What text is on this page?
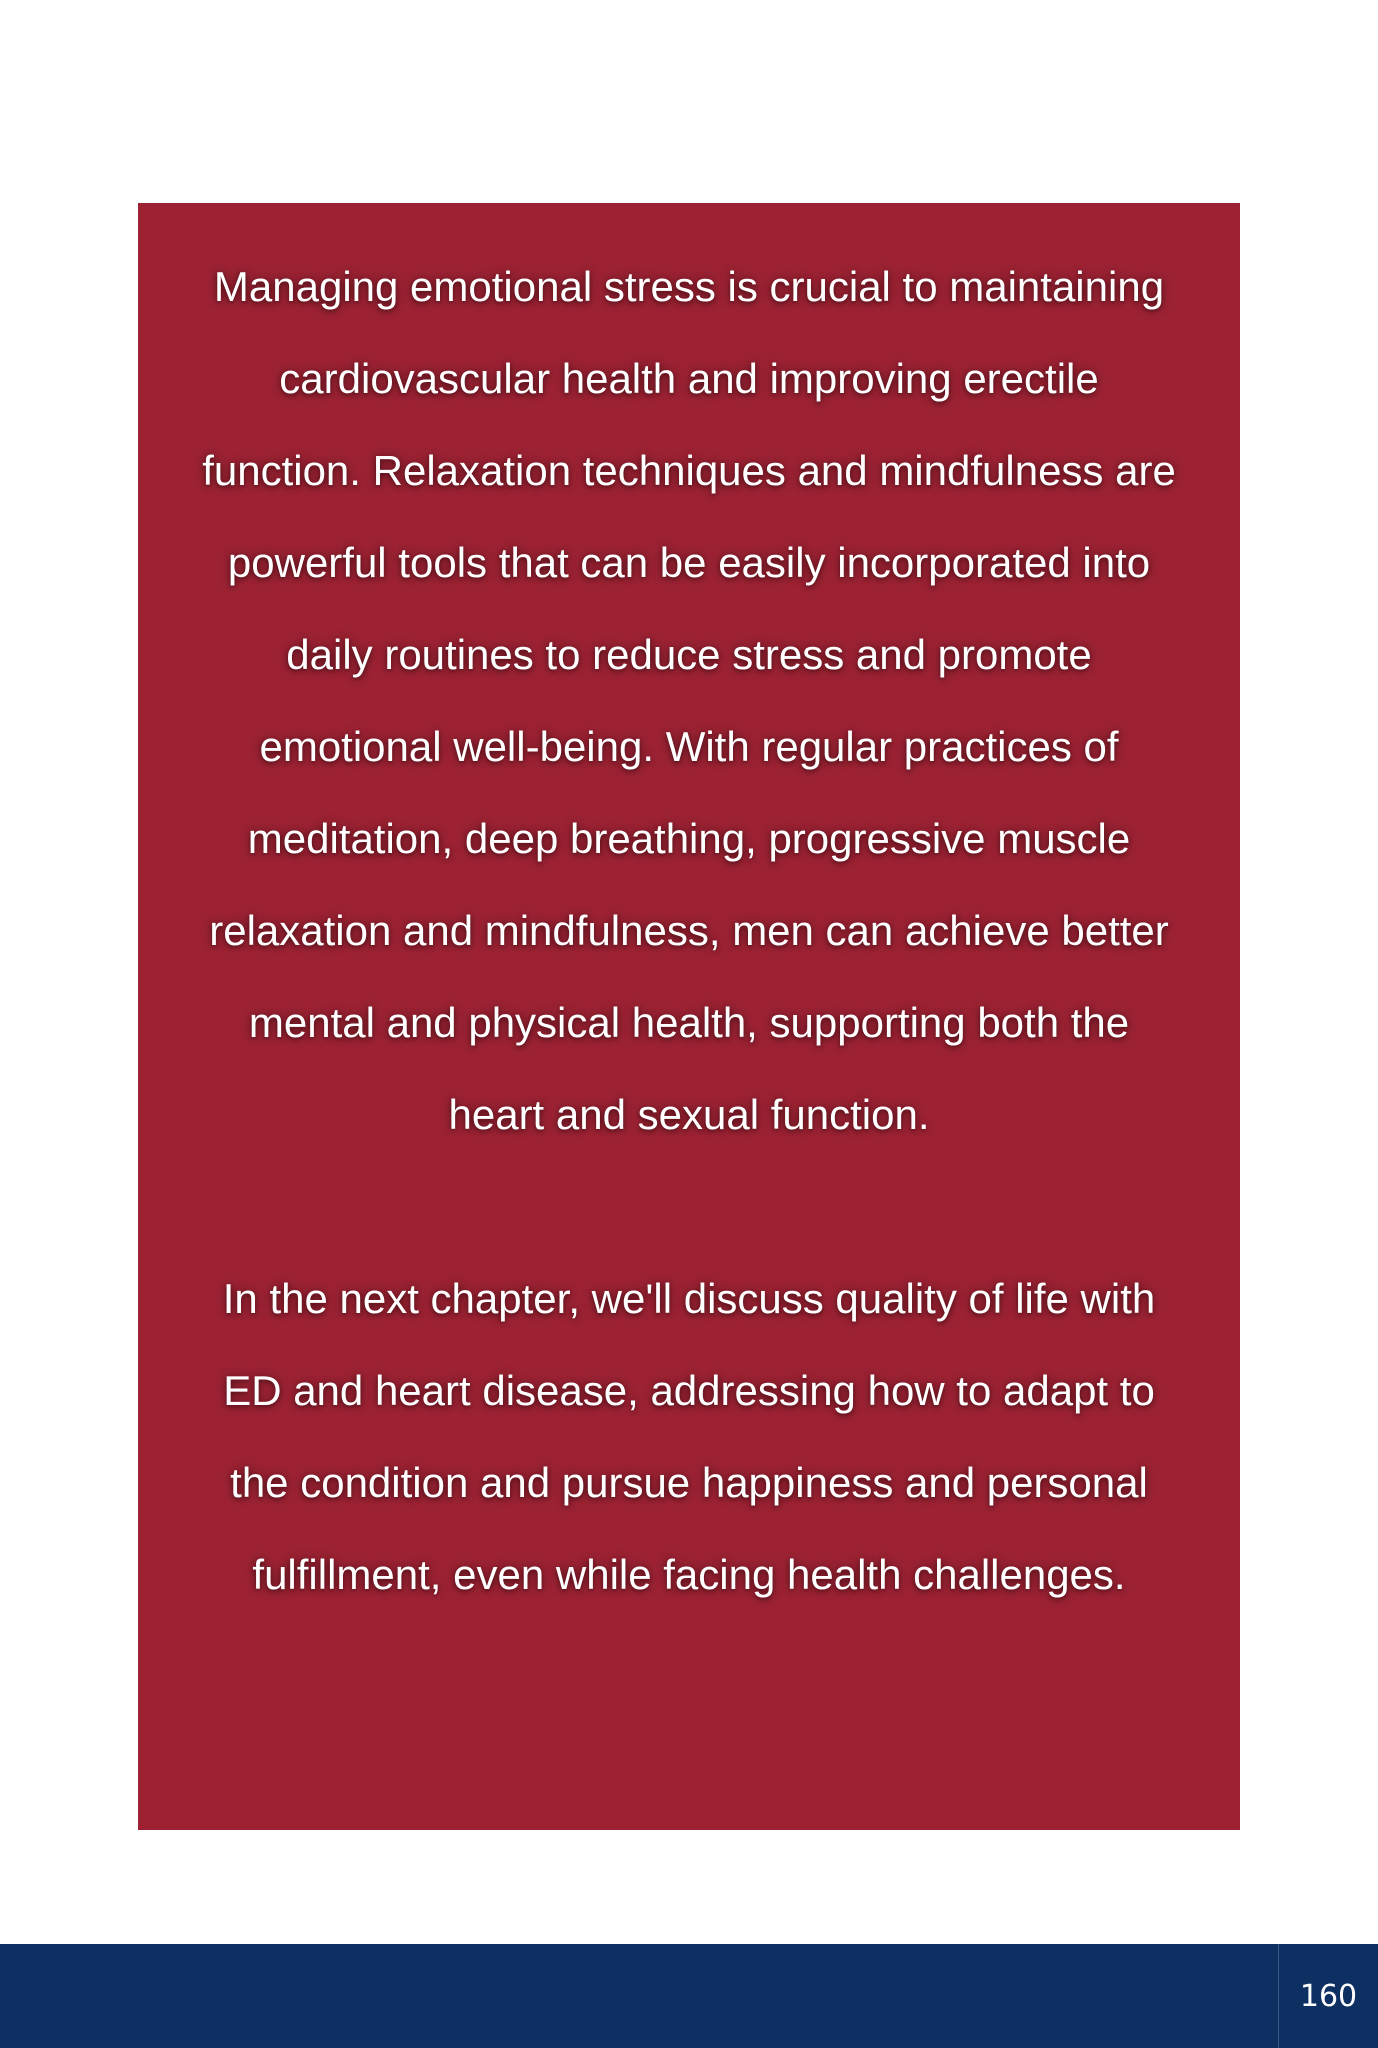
Managing emotional stress is crucial to maintaining cardiovascular health and improving erectile function. Relaxation techniques and mindfulness are powerful tools that can be easily incorporated into daily routines to reduce stress and promote emotional well-being. With regular practices of meditation, deep breathing, progressive muscle relaxation and mindfulness, men can achieve better mental and physical health, supporting both the heart and sexual function.

In the next chapter, we'll discuss quality of life with ED and heart disease, addressing how to adapt to the condition and pursue happiness and personal fulfillment, even while facing health challenges.

160
